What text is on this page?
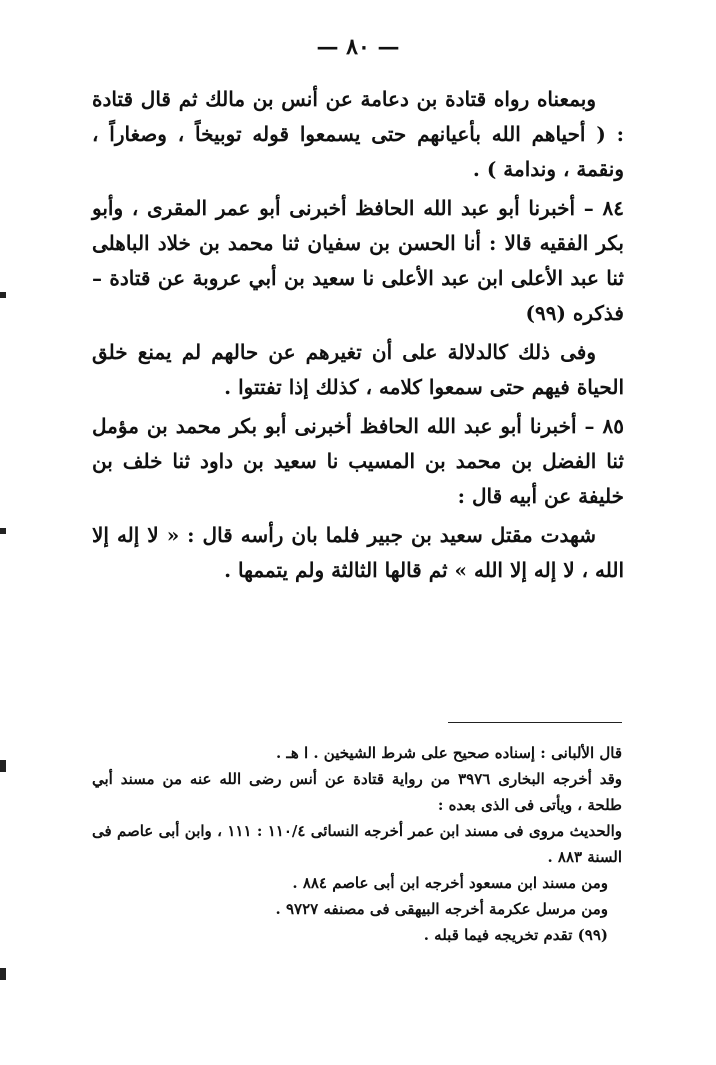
— ٨٠ —

وبمعناه رواه قتادة بن دعامة عن أنس بن مالك ثم قال قتادة : ( أحياهم الله بأعيانهم حتى يسمعوا قوله توبيخاً ، وصغاراً ، ونقمة ، وندامة ) .

٨٤ – أخبرنا أبو عبد الله الحافظ أخبرنى أبو عمر المقرى ، وأبو بكر الفقيه قالا : أنا الحسن بن سفيان ثنا محمد بن خلاد الباهلى ثنا عبد الأعلى ابن عبد الأعلى نا سعيد بن أبي عروبة عن قتادة – فذكره (٩٩)

وفى ذلك كالدلالة على أن تغيرهم عن حالهم لم يمنع خلق الحياة فيهم حتى سمعوا كلامه ، كذلك إذا تفتتوا .

٨٥ – أخبرنا أبو عبد الله الحافظ أخبرنى أبو بكر محمد بن مؤمل ثنا الفضل بن محمد بن المسيب نا سعيد بن داود ثنا خلف بن خليفة عن أبيه قال :

شهدت مقتل سعيد بن جبير فلما بان رأسه قال : « لا إله إلا الله ، لا إله إلا الله » ثم قالها الثالثة ولم يتممها .

قال الألبانى : إسناده صحيح على شرط الشيخين . ا هـ .

وقد أخرجه البخارى ٣٩٧٦ من رواية قتادة عن أنس رضى الله عنه من مسند أبي طلحة ، ويأتى فى الذى بعده :

والحديث مروى فى مسند ابن عمر أخرجه النسائى ١١٠/٤ : ١١١ ، وابن أبى عاصم فى السنة ٨٨٣ .

ومن مسند ابن مسعود أخرجه ابن أبى عاصم ٨٨٤ .

ومن مرسل عكرمة أخرجه البيهقى فى مصنفه ٩٧٢٧ .

(٩٩) تقدم تخريجه فيما قبله .
